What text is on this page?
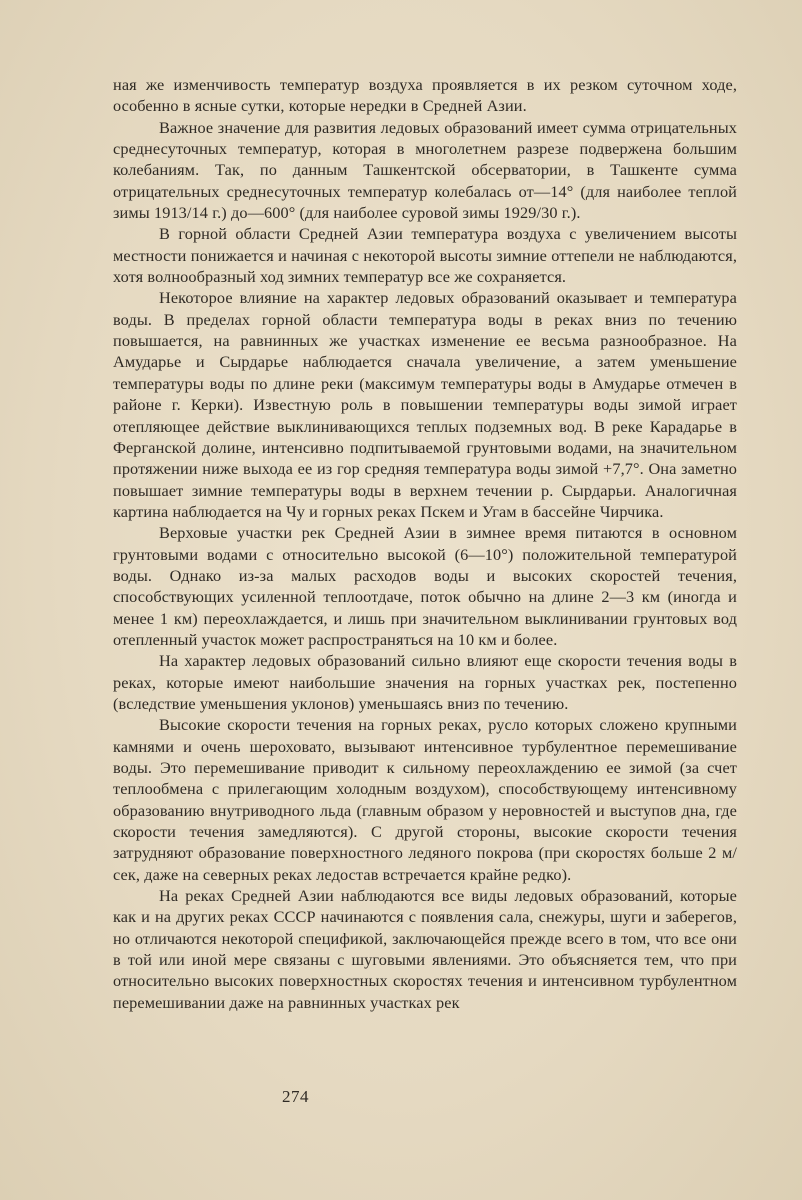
ная же изменчивость температур воздуха проявляется в их резком суточном ходе, особенно в ясные сутки, которые нередки в Средней Азии.

Важное значение для развития ледовых образований имеет сумма отрицательных среднесуточных температур, которая в многолетнем разрезе подвержена большим колебаниям. Так, по данным Ташкентской обсерватории, в Ташкенте сумма отрицательных среднесуточных температур колебалась от—14° (для наиболее теплой зимы 1913/14 г.) до—600° (для наиболее суровой зимы 1929/30 г.).

В горной области Средней Азии температура воздуха с увеличением высоты местности понижается и начиная с некоторой высоты зимние оттепели не наблюдаются, хотя волнообразный ход зимних температур все же сохраняется.

Некоторое влияние на характер ледовых образований оказывает и температура воды. В пределах горной области температура воды в реках вниз по течению повышается, на равнинных же участках изменение ее весьма разнообразное. На Амударье и Сырдарье наблюдается сначала увеличение, а затем уменьшение температуры воды по длине реки (максимум температуры воды в Амударье отмечен в районе г. Керки). Известную роль в повышении температуры воды зимой играет отепляющее действие выклинивающихся теплых подземных вод. В реке Карадарье в Ферганской долине, интенсивно подпитываемой грунтовыми водами, на значительном протяжении ниже выхода ее из гор средняя температура воды зимой +7,7°. Она заметно повышает зимние температуры воды в верхнем течении р. Сырдарьи. Аналогичная картина наблюдается на Чу и горных реках Пскем и Угам в бассейне Чирчика.

Верховые участки рек Средней Азии в зимнее время питаются в основном грунтовыми водами с относительно высокой (6—10°) положительной температурой воды. Однако из-за малых расходов воды и высоких скоростей течения, способствующих усиленной теплоотдаче, поток обычно на длине 2—3 км (иногда и менее 1 км) переохлаждается, и лишь при значительном выклинивании грунтовых вод отепленный участок может распространяться на 10 км и более.

На характер ледовых образований сильно влияют еще скорости течения воды в реках, которые имеют наибольшие значения на горных участках рек, постепенно (вследствие уменьшения уклонов) уменьшаясь вниз по течению.

Высокие скорости течения на горных реках, русло которых сложено крупными камнями и очень шероховато, вызывают интенсивное турбулентное перемешивание воды. Это перемешивание приводит к сильному переохлаждению ее зимой (за счет теплообмена с прилегающим холодным воздухом), способствующему интенсивному образованию внутриводного льда (главным образом у неровностей и выступов дна, где скорости течения замедляются). С другой стороны, высокие скорости течения затрудняют образование поверхностного ледяного покрова (при скоростях больше 2 м/сек, даже на северных реках ледостав встречается крайне редко).

На реках Средней Азии наблюдаются все виды ледовых образований, которые как и на других реках СССР начинаются с появления сала, снежуры, шуги и заберегов, но отличаются некоторой спецификой, заключающейся прежде всего в том, что все они в той или иной мере связаны с шуговыми явлениями. Это объясняется тем, что при относительно высоких поверхностных скоростях течения и интенсивном турбулентном перемешивании даже на равнинных участках рек

274
